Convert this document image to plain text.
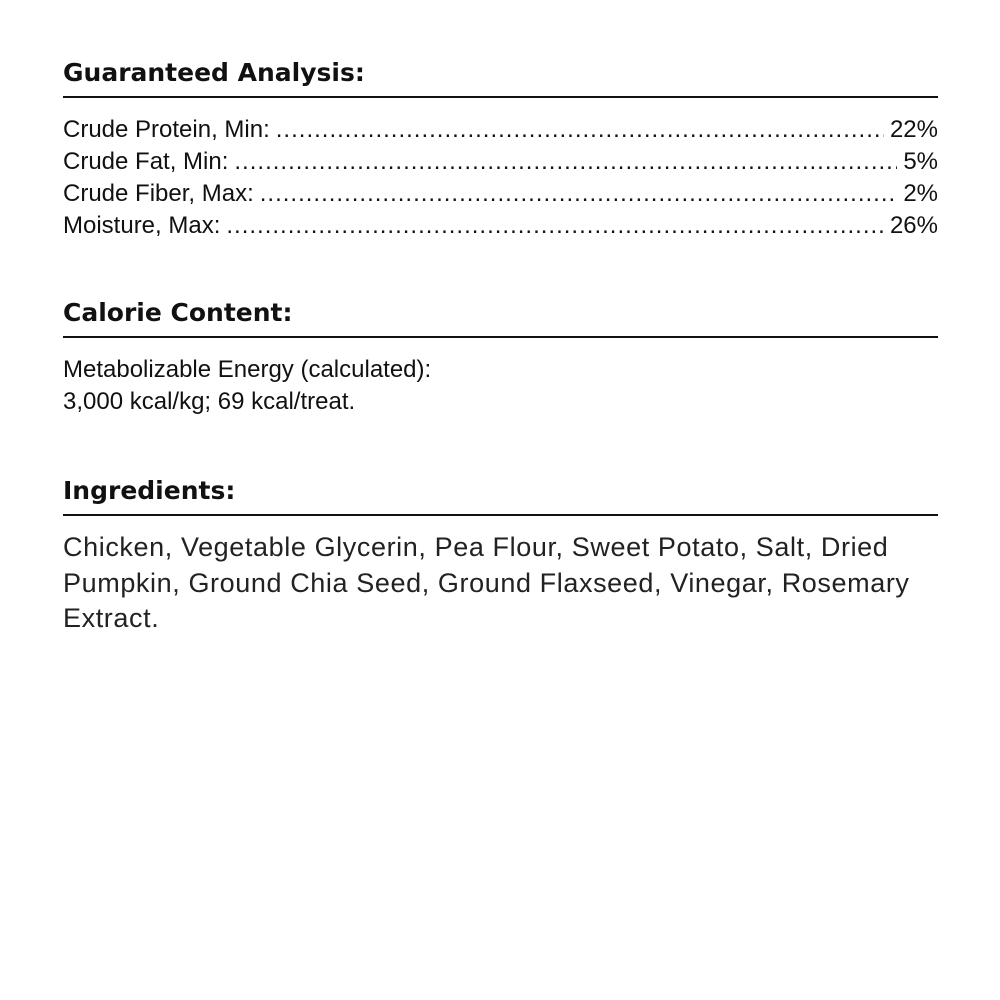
Guaranteed Analysis:
Crude Protein, Min: .....	22%
Crude Fat, Min: .....	5%
Crude Fiber, Max: .....	2%
Moisture, Max: .....	26%
Calorie Content:
Metabolizable Energy (calculated):
3,000 kcal/kg; 69 kcal/treat.
Ingredients:

Chicken, Vegetable Glycerin, Pea Flour, Sweet Potato, Salt, Dried Pumpkin, Ground Chia Seed, Ground Flaxseed, Vinegar, Rosemary Extract.
